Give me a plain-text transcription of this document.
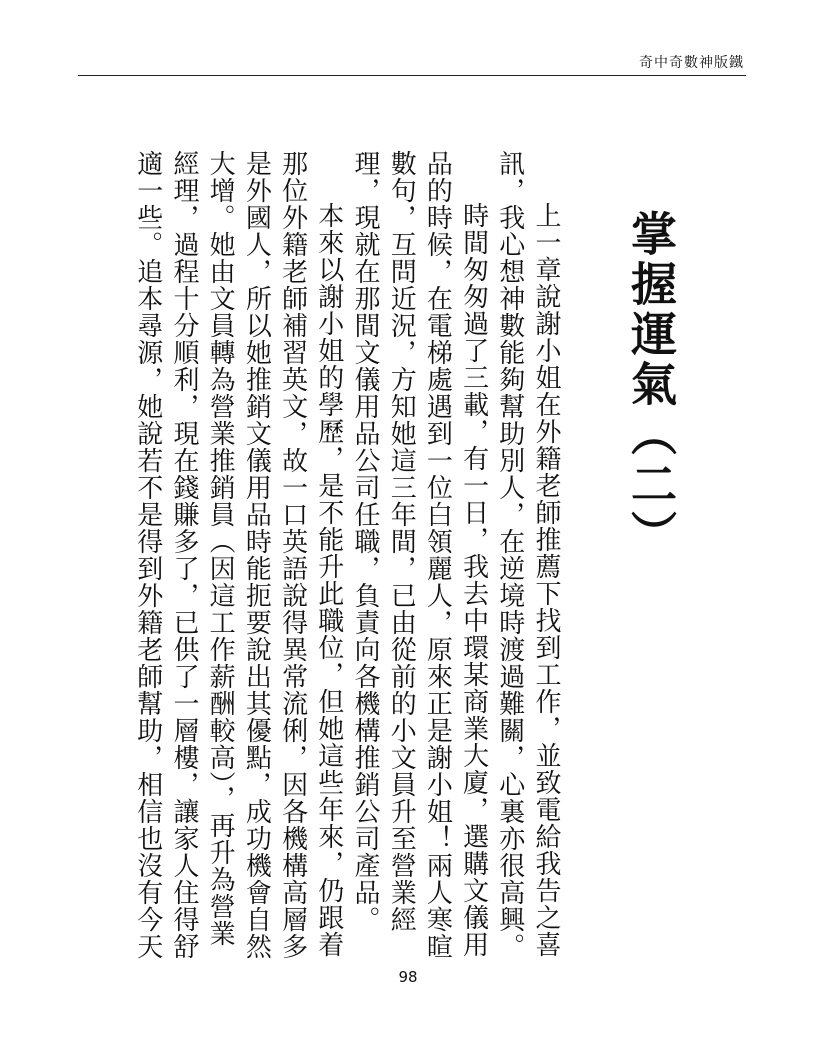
奇中奇數神版鐵
掌握運氣（二）

上一章說謝小姐在外籍老師推薦下找到工作，並致電給我告之喜訊，我心想神數能夠幫助別人，在逆境時渡過難關，心裏亦很高興。

時間匆匆過了三載，有一日，我去中環某商業大廈，選購文儀用品的時候，在電梯處遇到一位白領麗人，原來正是謝小姐！兩人寒暄數句，互問近況，方知她這三年間，已由從前的小文員升至營業經理，現就在那間文儀用品公司任職，負責向各機構推銷公司產品。

本來以謝小姐的學歷，是不能升此職位，但她這些年來，仍跟着那位外籍老師補習英文，故一口英語說得異常流俐，因各機構高層多是外國人，所以她推銷文儀用品時能扼要說出其優點，成功機會自然大增。她由文員轉為營業推銷員（因這工作薪酬較高），再升為營業經理，過程十分順利，現在錢賺多了，已供了一層樓，讓家人住得舒適一些。追本尋源，她說若不是得到外籍老師幫助，相信也沒有今天

98
